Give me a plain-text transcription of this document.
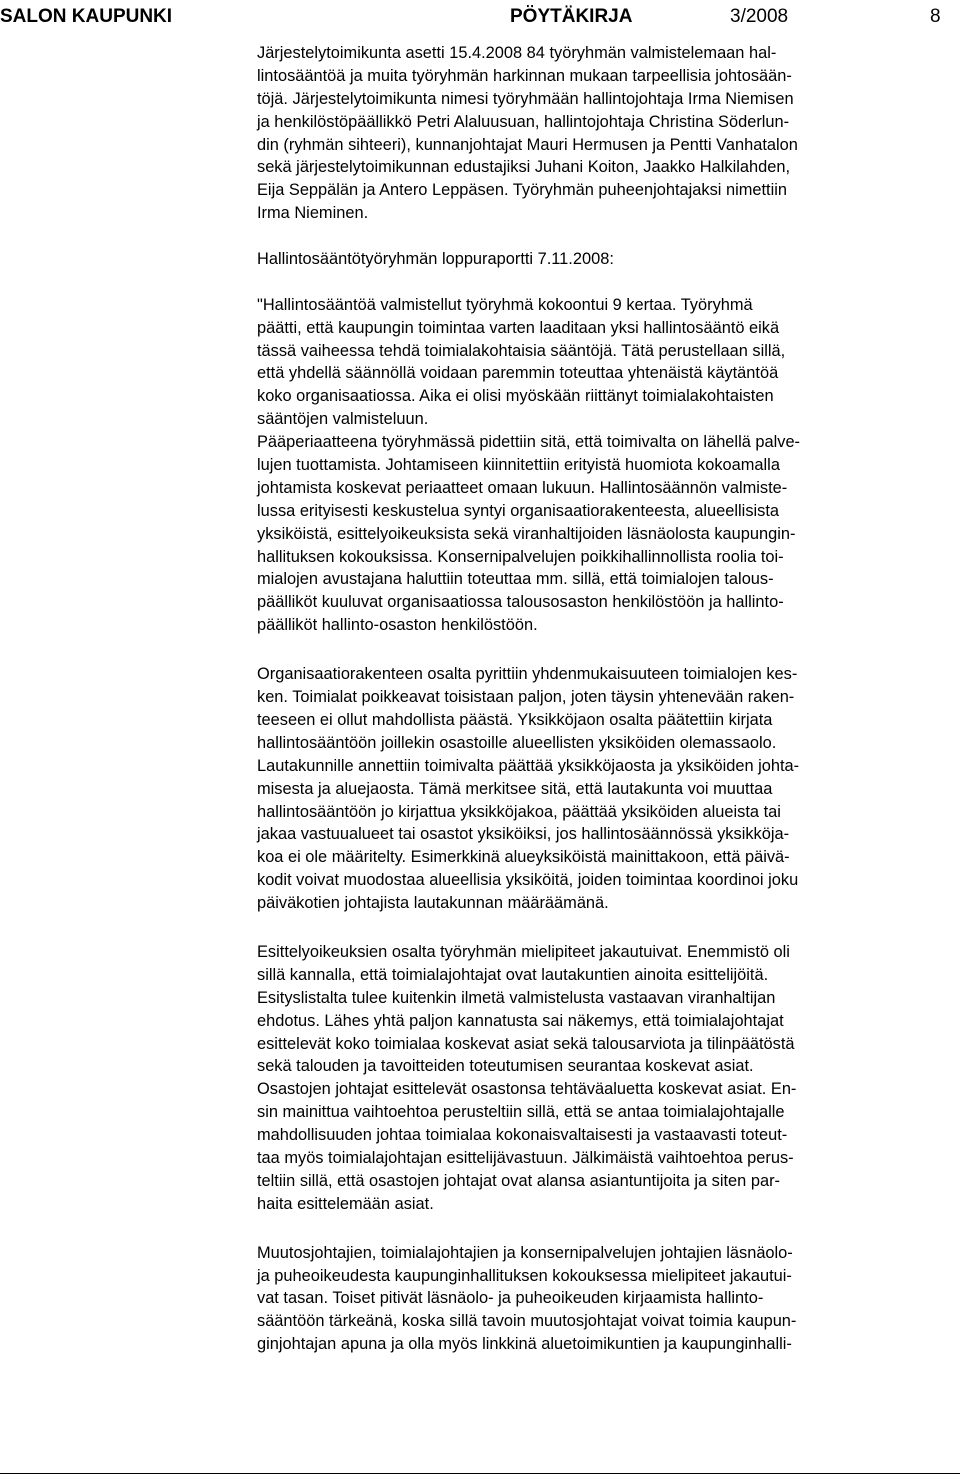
SALON KAUPUNKI	PÖYTÄKIRJA	3/2008	8
Järjestelytoimikunta asetti 15.4.2008 84 työryhmän valmistelemaan hal-
lintosääntöä ja muita työryhmän harkinnan mukaan tarpeellisia johtosään-
töjä. Järjestelytoimikunta nimesi työryhmään hallintojohtaja Irma Niemisen
ja henkilöstöpäällikkö Petri Alaluusuan, hallintojohtaja Christina Söderlun-
din (ryhmän sihteeri), kunnanjohtajat Mauri Hermusen ja Pentti Vanhatalon
sekä järjestelytoimikunnan edustajiksi Juhani Koiton, Jaakko Halkilahden,
Eija Seppälän ja Antero Leppäsen. Työryhmän puheenjohtajaksi nimettiin
Irma Nieminen.
Hallintosääntötyöryhmän loppuraportti 7.11.2008:
"Hallintosääntöä valmistellut työryhmä kokoontui 9 kertaa. Työryhmä
päätti, että kaupungin toimintaa varten laaditaan yksi hallintosääntö eikä
tässä vaiheessa tehdä toimialakohtaisia sääntöjä. Tätä perustellaan sillä,
että yhdellä säännöllä voidaan paremmin toteuttaa yhtenäistä käytäntöä
koko organisaatiossa. Aika ei olisi myöskään riittänyt toimialakohtaisten
sääntöjen valmisteluun.
Pääperiaatteena työryhmässä pidettiin sitä, että toimivalta on lähellä palve-
lujen tuottamista. Johtamiseen kiinnitettiin erityistä huomiota kokoamalla
johtamista koskevat periaatteet omaan lukuun. Hallintosäännön valmiste-
lussa erityisesti keskustelua syntyi organisaatiorakenteesta, alueellisista
yksiköistä, esittelyoikeuksista sekä viranhaltijoiden läsnäolosta kaupungin-
hallituksen kokouksissa. Konsernipalvelujen poikkihallinnollista roolia toi-
mialojen avustajana haluttiin toteuttaa mm. sillä, että toimialojen talous-
päälliköt kuuluvat organisaatiossa talousosaston henkilöstöön ja hallinto-
päälliköt hallinto-osaston henkilöstöön.
Organisaatiorakenteen osalta pyrittiin yhdenmukaisuuteen toimialojen kes-
ken. Toimialat poikkeavat toisistaan paljon, joten täysin yhtenevään raken-
teeseen ei ollut mahdollista päästä. Yksikköjaon osalta päätettiin kirjata
hallintosääntöön joillekin osastoille alueellisten yksiköiden olemassaolo.
Lautakunnille annettiin toimivalta päättää yksikköjaosta ja yksiköiden johta-
misesta ja aluejaosta. Tämä merkitsee sitä, että lautakunta voi muuttaa
hallintosääntöön jo kirjattua yksikköjakoa, päättää yksiköiden alueista tai
jakaa vastuualueet tai osastot yksiköiksi, jos hallintosäännössä yksikköja-
koa ei ole määritelty. Esimerkkinä alueyksiköistä mainittakoon, että päivä-
kodit voivat muodostaa alueellisia yksiköitä, joiden toimintaa koordinoi joku
päiväkotien johtajista lautakunnan määräämänä.
Esittelyoikeuksien osalta työryhmän mielipiteet jakautuivat. Enemmistö oli
sillä kannalla, että toimialajohtajat ovat lautakuntien ainoita esittelijöitä.
Esityslistalta tulee kuitenkin ilmetä valmistelusta vastaavan viranhaltijan
ehdotus. Lähes yhtä paljon kannatusta sai näkemys, että toimialajohtajat
esittelevät koko toimialaa koskevat asiat sekä talousarviota ja tilinpäätöstä
sekä talouden ja tavoitteiden toteutumisen seurantaa koskevat asiat.
Osastojen johtajat esittelevät osastonsa tehtäväaluetta koskevat asiat. En-
sin mainittua vaihtoehtoa perusteltiin sillä, että se antaa toimialajohtajalle
mahdollisuuden johtaa toimialaa kokonaisvaltaisesti ja vastaavasti toteut-
taa myös toimialajohtajan esittelijävastuun. Jälkimäistä vaihtoehtoa perus-
teltiin sillä, että osastojen johtajat ovat alansa asiantuntijoita ja siten par-
haita esittelemään asiat.
Muutosjohtajien, toimialajohtajien ja konsernipalvelujen johtajien läsnäolo-
ja puheoikeudesta kaupunginhallituksen kokouksessa mielipiteet jakautui-
vat tasan. Toiset pitivät läsnäolo- ja puheoikeuden kirjaamista hallinto-
sääntöön tärkeänä, koska sillä tavoin muutosjohtajat voivat toimia kaupun-
ginjohtajan apuna ja olla myös linkkinä aluetoimikuntien ja kaupunginhalli-
